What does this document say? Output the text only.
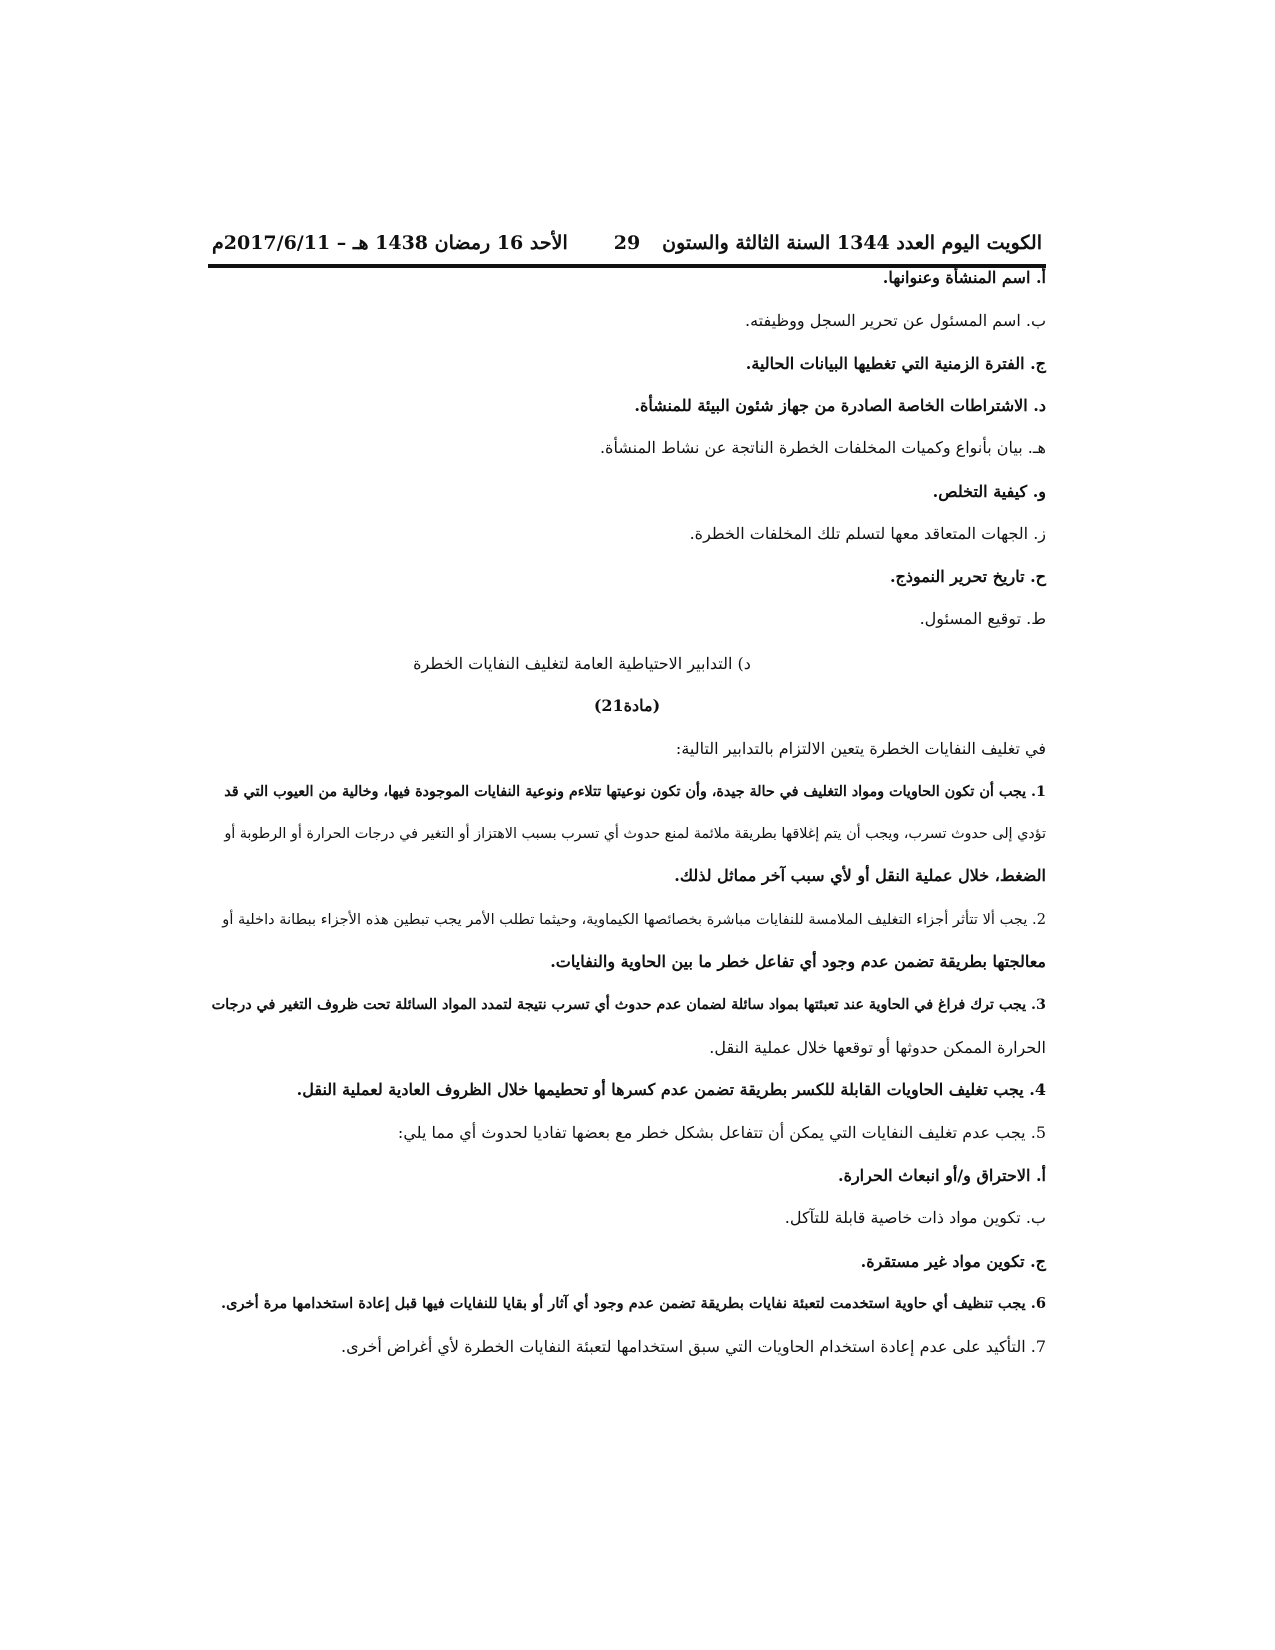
الكويت اليوم العدد 1344 السنة الثالثة والستون
29
الأحد 16 رمضان 1438 هـ – 2017/6/11م
أ. اسم المنشأة وعنوانها.
ب. اسم المسئول عن تحرير السجل ووظيفته.
ج. الفترة الزمنية التي تغطيها البيانات الحالية.
د. الاشتراطات الخاصة الصادرة من جهاز شئون البيئة للمنشأة.
هـ. بيان بأنواع وكميات المخلفات الخطرة الناتجة عن نشاط المنشأة.
و. كيفية التخلص.
ز. الجهات المتعاقد معها لتسلم تلك المخلفات الخطرة.
ح. تاريخ تحرير النموذج.
ط. توقيع المسئول.
د) التدابير الاحتياطية العامة لتغليف النفايات الخطرة
(مادة21)
في تغليف النفايات الخطرة يتعين الالتزام بالتدابير التالية:
1. يجب أن تكون الحاويات ومواد التغليف في حالة جيدة، وأن تكون نوعيتها تتلاءم ونوعية النفايات الموجودة فيها، وخالية من العيوب التي قد
تؤدي إلى حدوث تسرب، ويجب أن يتم إغلاقها بطريقة ملائمة لمنع حدوث أي تسرب بسبب الاهتزاز أو التغير في درجات الحرارة أو الرطوبة أو
الضغط، خلال عملية النقل أو لأي سبب آخر مماثل لذلك.
2. يجب ألا تتأثر أجزاء التغليف الملامسة للنفايات مباشرة بخصائصها الكيماوية، وحيثما تطلب الأمر يجب تبطين هذه الأجزاء ببطانة داخلية أو
معالجتها بطريقة تضمن عدم وجود أي تفاعل خطر ما بين الحاوية والنفايات.
3. يجب ترك فراغ في الحاوية عند تعبئتها بمواد سائلة لضمان عدم حدوث أي تسرب نتيجة لتمدد المواد السائلة تحت ظروف التغير في درجات
الحرارة الممكن حدوثها أو توقعها خلال عملية النقل.
4. يجب تغليف الحاويات القابلة للكسر بطريقة تضمن عدم كسرها أو تحطيمها خلال الظروف العادية لعملية النقل.
5. يجب عدم تغليف النفايات التي يمكن أن تتفاعل بشكل خطر مع بعضها تفاديا لحدوث أي مما يلي:
أ. الاحتراق و/أو انبعاث الحرارة.
ب. تكوين مواد ذات خاصية قابلة للتآكل.
ج. تكوين مواد غير مستقرة.
6. يجب تنظيف أي حاوية استخدمت لتعبئة نفايات بطريقة تضمن عدم وجود أي آثار أو بقايا للنفايات فيها قبل إعادة استخدامها مرة أخرى.
7. التأكيد على عدم إعادة استخدام الحاويات التي سبق استخدامها لتعبئة النفايات الخطرة لأي أغراض أخرى.
